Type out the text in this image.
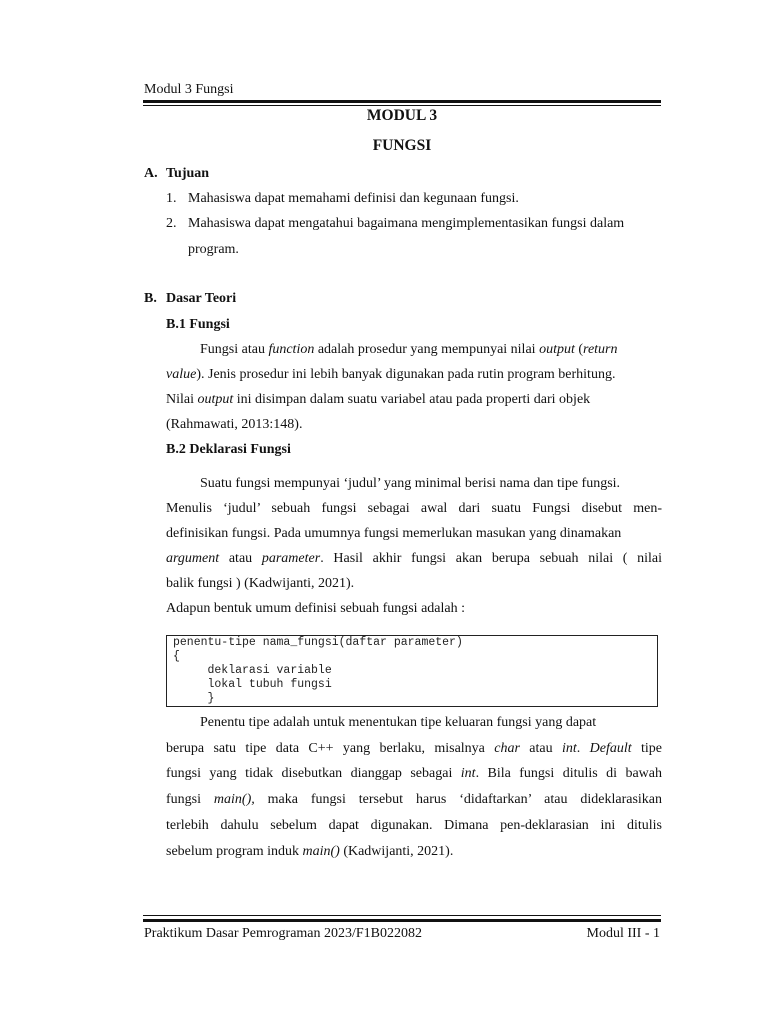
Modul 3 Fungsi
MODUL 3
FUNGSI
A. Tujuan
1. Mahasiswa dapat memahami definisi dan kegunaan fungsi.
2. Mahasiswa dapat mengatahui bagaimana mengimplementasikan fungsi dalam
program.
B. Dasar Teori
B.1 Fungsi
Fungsi atau function adalah prosedur yang mempunyai nilai output (return
value). Jenis prosedur ini lebih banyak digunakan pada rutin program berhitung.
Nilai output ini disimpan dalam suatu variabel atau pada properti dari objek
(Rahmawati, 2013:148).
B.2 Deklarasi Fungsi
Suatu fungsi mempunyai ‘judul’ yang minimal berisi nama dan tipe fungsi.
Menulis ‘judul’ sebuah fungsi sebagai awal dari suatu Fungsi disebut men-
definisikan fungsi. Pada umumnya fungsi memerlukan masukan yang dinamakan
argument atau parameter. Hasil akhir fungsi akan berupa sebuah nilai ( nilai
balik fungsi ) (Kadwijanti, 2021).
Adapun bentuk umum definisi sebuah fungsi adalah :
penentu-tipe nama_fungsi(daftar parameter)
{
deklarasi variable
lokal tubuh fungsi
}
Penentu tipe adalah untuk menentukan tipe keluaran fungsi yang dapat
berupa satu tipe data C++ yang berlaku, misalnya char atau int. Default tipe
fungsi yang tidak disebutkan dianggap sebagai int. Bila fungsi ditulis di bawah
fungsi main(), maka fungsi tersebut harus ‘didaftarkan’ atau dideklarasikan
terlebih dahulu sebelum dapat digunakan. Dimana pen-deklarasian ini ditulis
sebelum program induk main() (Kadwijanti, 2021).
Praktikum Dasar Pemrograman 2023/F1B022082	Modul III - 1
